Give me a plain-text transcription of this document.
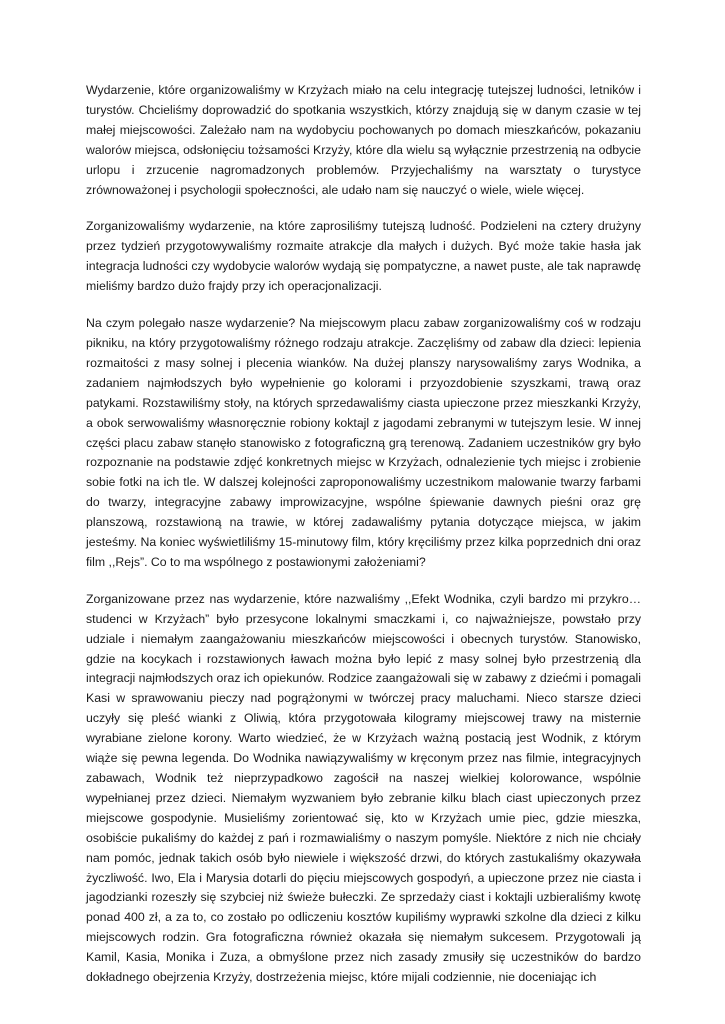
Wydarzenie, które organizowaliśmy w Krzyżach miało na celu integrację tutejszej ludności, letników i turystów. Chcieliśmy doprowadzić do spotkania wszystkich, którzy znajdują się w danym czasie w tej małej miejscowości. Zależało nam na wydobyciu pochowanych po domach mieszkańców, pokazaniu walorów miejsca, odsłonięciu tożsamości Krzyży, które dla wielu są wyłącznie przestrzenią na odbycie urlopu i zrzucenie nagromadzonych problemów. Przyjechaliśmy na warsztaty o turystyce zrównoważonej i psychologii społeczności, ale udało nam się nauczyć o wiele, wiele więcej.

Zorganizowaliśmy wydarzenie, na które zaprosiliśmy tutejszą ludność. Podzieleni na cztery drużyny przez tydzień przygotowywaliśmy rozmaite atrakcje dla małych i dużych. Być może takie hasła jak integracja ludności czy wydobycie walorów wydają się pompatyczne, a nawet puste, ale tak naprawdę mieliśmy bardzo dużo frajdy przy ich operacjonalizacji.

Na czym polegało nasze wydarzenie? Na miejscowym placu zabaw zorganizowaliśmy coś w rodzaju pikniku, na który przygotowaliśmy różnego rodzaju atrakcje. Zaczęliśmy od zabaw dla dzieci: lepienia rozmaitości z masy solnej i plecenia wianków. Na dużej planszy narysowaliśmy zarys Wodnika, a zadaniem najmłodszych było wypełnienie go kolorami i przyozdobienie szyszkami, trawą oraz patykami. Rozstawiliśmy stoły, na których sprzedawaliśmy ciasta upieczone przez mieszkanki Krzyży, a obok serwowaliśmy własnoręcznie robiony koktajl z jagodami zebranymi w tutejszym lesie. W innej części placu zabaw stanęło stanowisko z fotograficzną grą terenową. Zadaniem uczestników gry było rozpoznanie na podstawie zdjęć konkretnych miejsc w Krzyżach, odnalezienie tych miejsc i zrobienie sobie fotki na ich tle. W dalszej kolejności zaproponowaliśmy uczestnikom malowanie twarzy farbami do twarzy, integracyjne zabawy improwizacyjne, wspólne śpiewanie dawnych pieśni oraz grę planszową, rozstawioną na trawie, w której zadawaliśmy pytania dotyczące miejsca, w jakim jesteśmy. Na koniec wyświetliliśmy 15-minutowy film, który kręciliśmy przez kilka poprzednich dni oraz film ,,Rejs”. Co to ma wspólnego z postawionymi założeniami?

Zorganizowane przez nas wydarzenie, które nazwaliśmy ,,Efekt Wodnika, czyli bardzo mi przykro… studenci w Krzyżach” było przesycone lokalnymi smaczkami i, co najważniejsze, powstało przy udziale i niemałym zaangażowaniu mieszkańców miejscowości i obecnych turystów. Stanowisko, gdzie na kocykach i rozstawionych ławach można było lepić z masy solnej było przestrzenią dla integracji najmłodszych oraz ich opiekunów. Rodzice zaangażowali się w zabawy z dziećmi i pomagali Kasi w sprawowaniu pieczy nad pogrążonymi w twórczej pracy maluchami. Nieco starsze dzieci uczyły się pleść wianki z Oliwią, która przygotowała kilogramy miejscowej trawy na misternie wyrabiane zielone korony. Warto wiedzieć, że w Krzyżach ważną postacią jest Wodnik, z którym wiąże się pewna legenda. Do Wodnika nawiązywaliśmy w kręconym przez nas filmie, integracyjnych zabawach, Wodnik też nieprzypadkowo zagościł na naszej wielkiej kolorowance, wspólnie wypełnianej przez dzieci. Niemałym wyzwaniem było zebranie kilku blach ciast upieczonych przez miejscowe gospodynie. Musieliśmy zorientować się, kto w Krzyżach umie piec, gdzie mieszka, osobiście pukaliśmy do każdej z pań i rozmawialiśmy o naszym pomyśle. Niektóre z nich nie chciały nam pomóc, jednak takich osób było niewiele i większość drzwi, do których zastukaliśmy okazywała życzliwość. Iwo, Ela i Marysia dotarli do pięciu miejscowych gospodyń, a upieczone przez nie ciasta i jagodzianki rozeszły się szybciej niż świeże bułeczki. Ze sprzedaży ciast i koktajli uzbieraliśmy kwotę ponad 400 zł, a za to, co zostało po odliczeniu kosztów kupiliśmy wyprawki szkolne dla dzieci z kilku miejscowych rodzin. Gra fotograficzna również okazała się niemałym sukcesem. Przygotowali ją Kamil, Kasia, Monika i Zuza, a obmyślone przez nich zasady zmusiły się uczestników do bardzo dokładnego obejrzenia Krzyży, dostrzeżenia miejsc, które mijali codziennie, nie doceniając ich
